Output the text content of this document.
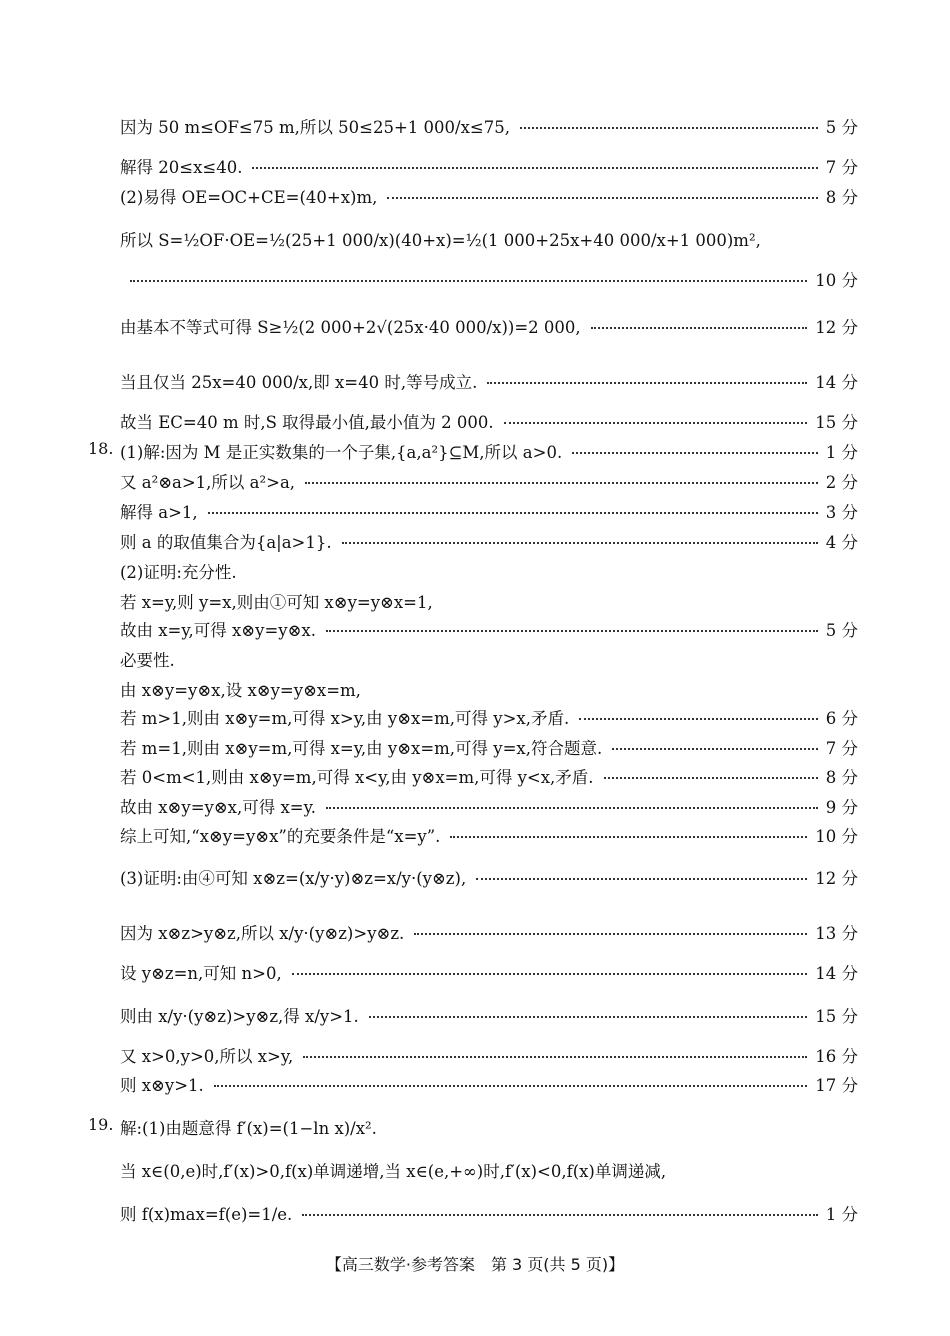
因为 50 m≤OF≤75 m,所以 50≤25+1 000/x≤75,	5 分
解得 20≤x≤40.	7 分
(2)易得 OE=OC+CE=(40+x)m,	8 分
所以 S=½OF·OE=½(25+1 000/x)(40+x)=½(1 000+25x+40 000/x+1 000)m²,
10 分
由基本不等式可得 S≥½(2 000+2√(25x·40 000/x))=2 000,	12 分
当且仅当 25x=40 000/x,即 x=40 时,等号成立.	14 分
故当 EC=40 m 时,S 取得最小值,最小值为 2 000.	15 分
18. (1)解:因为 M 是正实数集的一个子集,{a,a²}⊆M,所以 a>0.	1 分
又 a²⊗a>1,所以 a²>a,	2 分
解得 a>1,	3 分
则 a 的取值集合为{a|a>1}.	4 分
(2)证明:充分性.
若 x=y,则 y=x,则由①可知 x⊗y=y⊗x=1,
故由 x=y,可得 x⊗y=y⊗x.	5 分
必要性.
由 x⊗y=y⊗x,设 x⊗y=y⊗x=m,
若 m>1,则由 x⊗y=m,可得 x>y,由 y⊗x=m,可得 y>x,矛盾.	6 分
若 m=1,则由 x⊗y=m,可得 x=y,由 y⊗x=m,可得 y=x,符合题意.	7 分
若 0<m<1,则由 x⊗y=m,可得 x<y,由 y⊗x=m,可得 y<x,矛盾.	8 分
故由 x⊗y=y⊗x,可得 x=y.	9 分
综上可知,“x⊗y=y⊗x”的充要条件是“x=y”.	10 分
(3)证明:由④可知 x⊗z=(x/y·y)⊗z=x/y·(y⊗z),	12 分
因为 x⊗z>y⊗z,所以 x/y·(y⊗z)>y⊗z.	13 分
设 y⊗z=n,可知 n>0,	14 分
则由 x/y·(y⊗z)>y⊗z,得 x/y>1.	15 分
又 x>0,y>0,所以 x>y,	16 分
则 x⊗y>1.	17 分
19. 解:(1)由题意得 f′(x)=(1−ln x)/x².
当 x∈(0,e)时,f′(x)>0,f(x)单调递增,当 x∈(e,+∞)时,f′(x)<0,f(x)单调递减,
则 f(x)max=f(e)=1/e.	1 分
【高三数学·参考答案　第 3 页(共 5 页)】
